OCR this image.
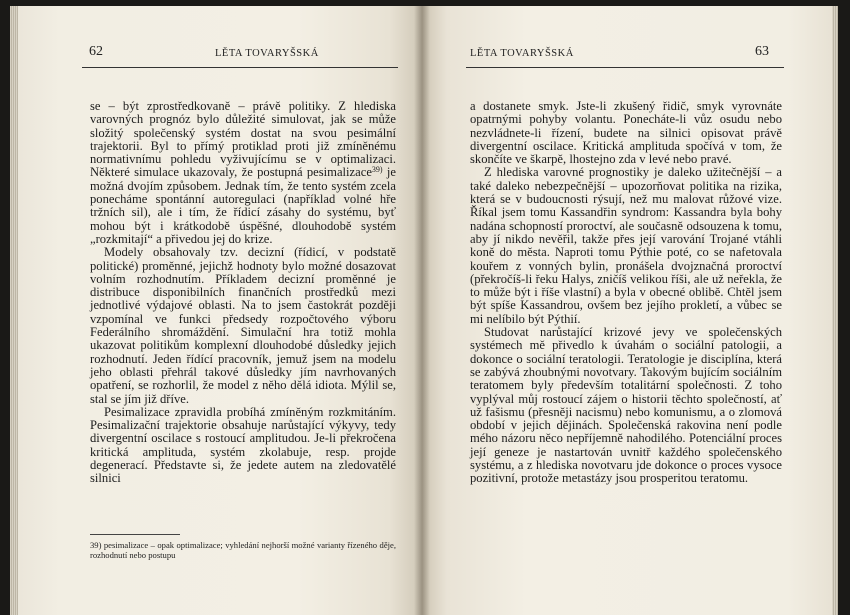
62	LĚTA TOVARYŠSKÁ

se – být zprostředkovaně – právě politiky. Z hlediska varovných prognóz bylo důležité simulovat, jak se může složitý společenský systém dostat na svou pesimální trajektorii. Byl to přímý protiklad proti již zmíněnému normativnímu pohledu vyživujícímu se v optimalizaci. Některé simulace ukazovaly, že postupná pesimalizace$^{39)}$ je možná dvojím způsobem. Jednak tím, že tento systém zcela ponecháme spontánní autoregulaci (například volné hře tržních sil), ale i tím, že řídicí zásahy do systému, byť mohou být i krátkodobě úspěšné, dlouhodobě systém „rozkmitají“ a přivedou jej do krize.

Modely obsahovaly tzv. decizní (řídicí, v podstatě politické) proměnné, jejichž hodnoty bylo možné dosazovat volním rozhodnutím. Příkladem decizní proměnné je distribuce disponibilních finančních prostředků mezi jednotlivé výdajové oblasti. Na to jsem častokrát později vzpomínal ve funkci předsedy rozpočtového výboru Federálního shromáždění. Simulační hra totiž mohla ukazovat politikům komplexní dlouhodobé důsledky jejich rozhodnutí. Jeden řídící pracovník, jemuž jsem na modelu jeho oblasti přehrál takové důsledky jím navrhovaných opatření, se rozhorlil, že model z něho dělá idiota. Mýlil se, stal se jím již dříve.

Pesimalizace zpravidla probíhá zmíněným rozkmitáním. Pesimalizační trajektorie obsahuje narůstající výkyvy, tedy divergentní oscilace s rostoucí amplitudou. Je-li překročena kritická amplituda, systém zkolabuje, resp. projde degenerací. Představte si, že jedete autem na zledovatělé silnici

39) pesimalizace – opak optimalizace; vyhledání nejhorší možné varianty řízeného děje, rozhodnutí nebo postupu
LĚTA TOVARYŠSKÁ	63

a dostanete smyk. Jste-li zkušený řidič, smyk vyrovnáte opatrnými pohyby volantu. Ponecháte-li vůz osudu nebo nezvládnete-li řízení, budete na silnici opisovat právě divergentní oscilace. Kritická amplituda spočívá v tom, že skončíte ve škarpě, lhostejno zda v levé nebo pravé.

Z hlediska varovné prognostiky je daleko užitečnější – a také daleko nebezpečnější – upozorňovat politika na rizika, která se v budoucnosti rýsují, než mu malovat růžové vize. Říkal jsem tomu Kassandřin syndrom: Kassandra byla bohy nadána schopností proroctví, ale současně odsouzena k tomu, aby jí nikdo nevěřil, takže přes její varování Trojané vtáhli koně do města. Naproti tomu Pýthie poté, co se nafetovala kouřem z vonných bylin, pronášela dvojznačná proroctví (překročíš-li řeku Halys, zničíš velikou říši, ale už neřekla, že to může být i říše vlastní) a byla v obecné oblibě. Chtěl jsem být spíše Kassandrou, ovšem bez jejího prokletí, a vůbec se mi nelíbilo být Pýthií.

Studovat narůstající krizové jevy ve společenských systémech mě přivedlo k úvahám o sociální patologii, a dokonce o sociální teratologii. Teratologie je disciplína, která se zabývá zhoubnými novotvary. Takovým bujícím sociálním teratomem byly především totalitární společnosti. Z toho vyplýval můj rostoucí zájem o historii těchto společností, ať už fašismu (přesněji nacismu) nebo komunismu, a o zlomová období v jejich dějinách. Společenská rakovina není podle mého názoru něco nepříjemně nahodilého. Potenciální proces její geneze je nastartován uvnitř každého společenského systému, a z hlediska novotvaru jde dokonce o proces vysoce pozitivní, protože metastázy jsou prosperitou teratomu.
